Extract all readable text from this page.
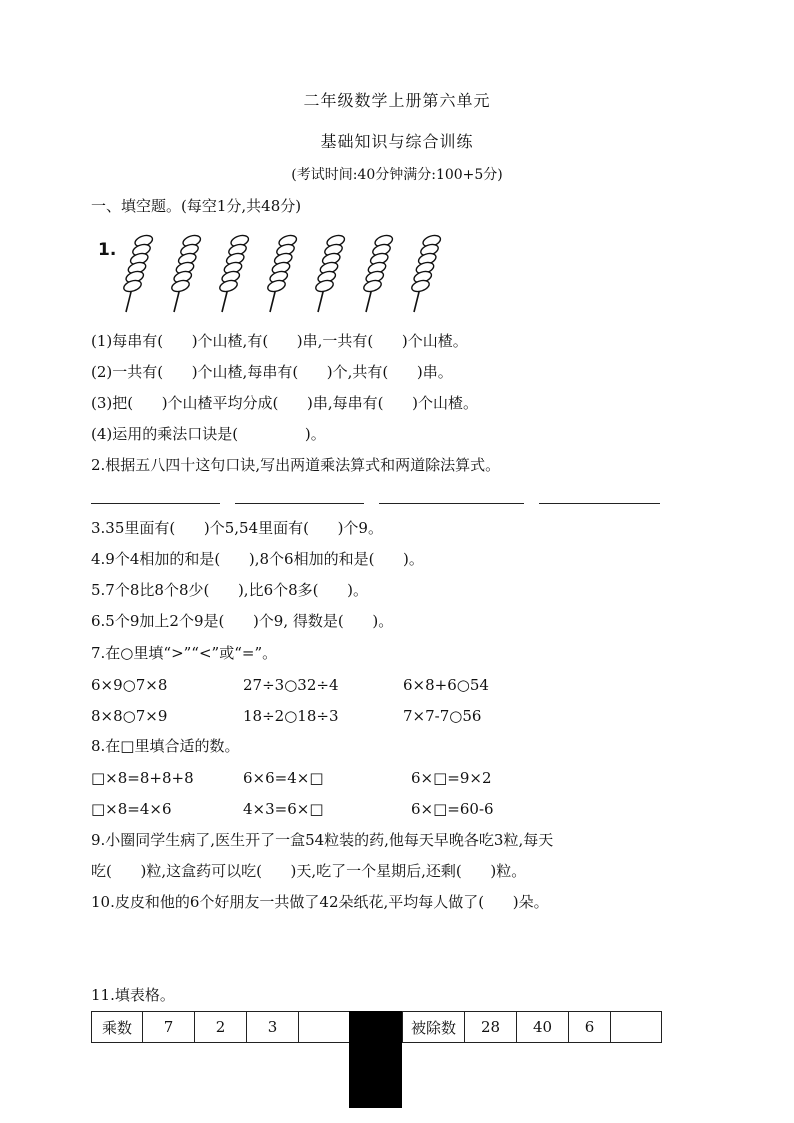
二年级数学上册第六单元
基础知识与综合训练
(考试时间:40分钟满分:100+5分)
一、填空题。(每空1分,共48分)
1.
(1)每串有(      )个山楂,有(      )串,一共有(      )个山楂。
(2)一共有(      )个山楂,每串有(      )个,共有(      )串。
(3)把(      )个山楂平均分成(      )串,每串有(      )个山楂。
(4)运用的乘法口诀是(              )。
2.根据五八四十这句口诀,写出两道乘法算式和两道除法算式。
3.35里面有(      )个5,54里面有(      )个9。
4.9个4相加的和是(      ),8个6相加的和是(      )。
5.7个8比8个8少(      ),比6个8多(      )。
6.5个9加上2个9是(      )个9, 得数是(      )。
7.在○里填“>”“<”或“=”。
6×9○7×8	27÷3○32÷4	6×8+6○54
8×8○7×9	18÷2○18÷3	7×7-7○56
8.在□里填合适的数。
□×8=8+8+8	6×6=4×□	6×□=9×2
□×8=4×6	4×3=6×□	6×□=60-6
9.小圈同学生病了,医生开了一盒54粒装的药,他每天早晚各吃3粒,每天
吃(      )粒,这盒药可以吃(      )天,吃了一个星期后,还剩(      )粒。
10.皮皮和他的6个好朋友一共做了42朵纸花,平均每人做了(      )朵。
11.填表格。
乘数	7	2	3			被除数	28	40	6	
